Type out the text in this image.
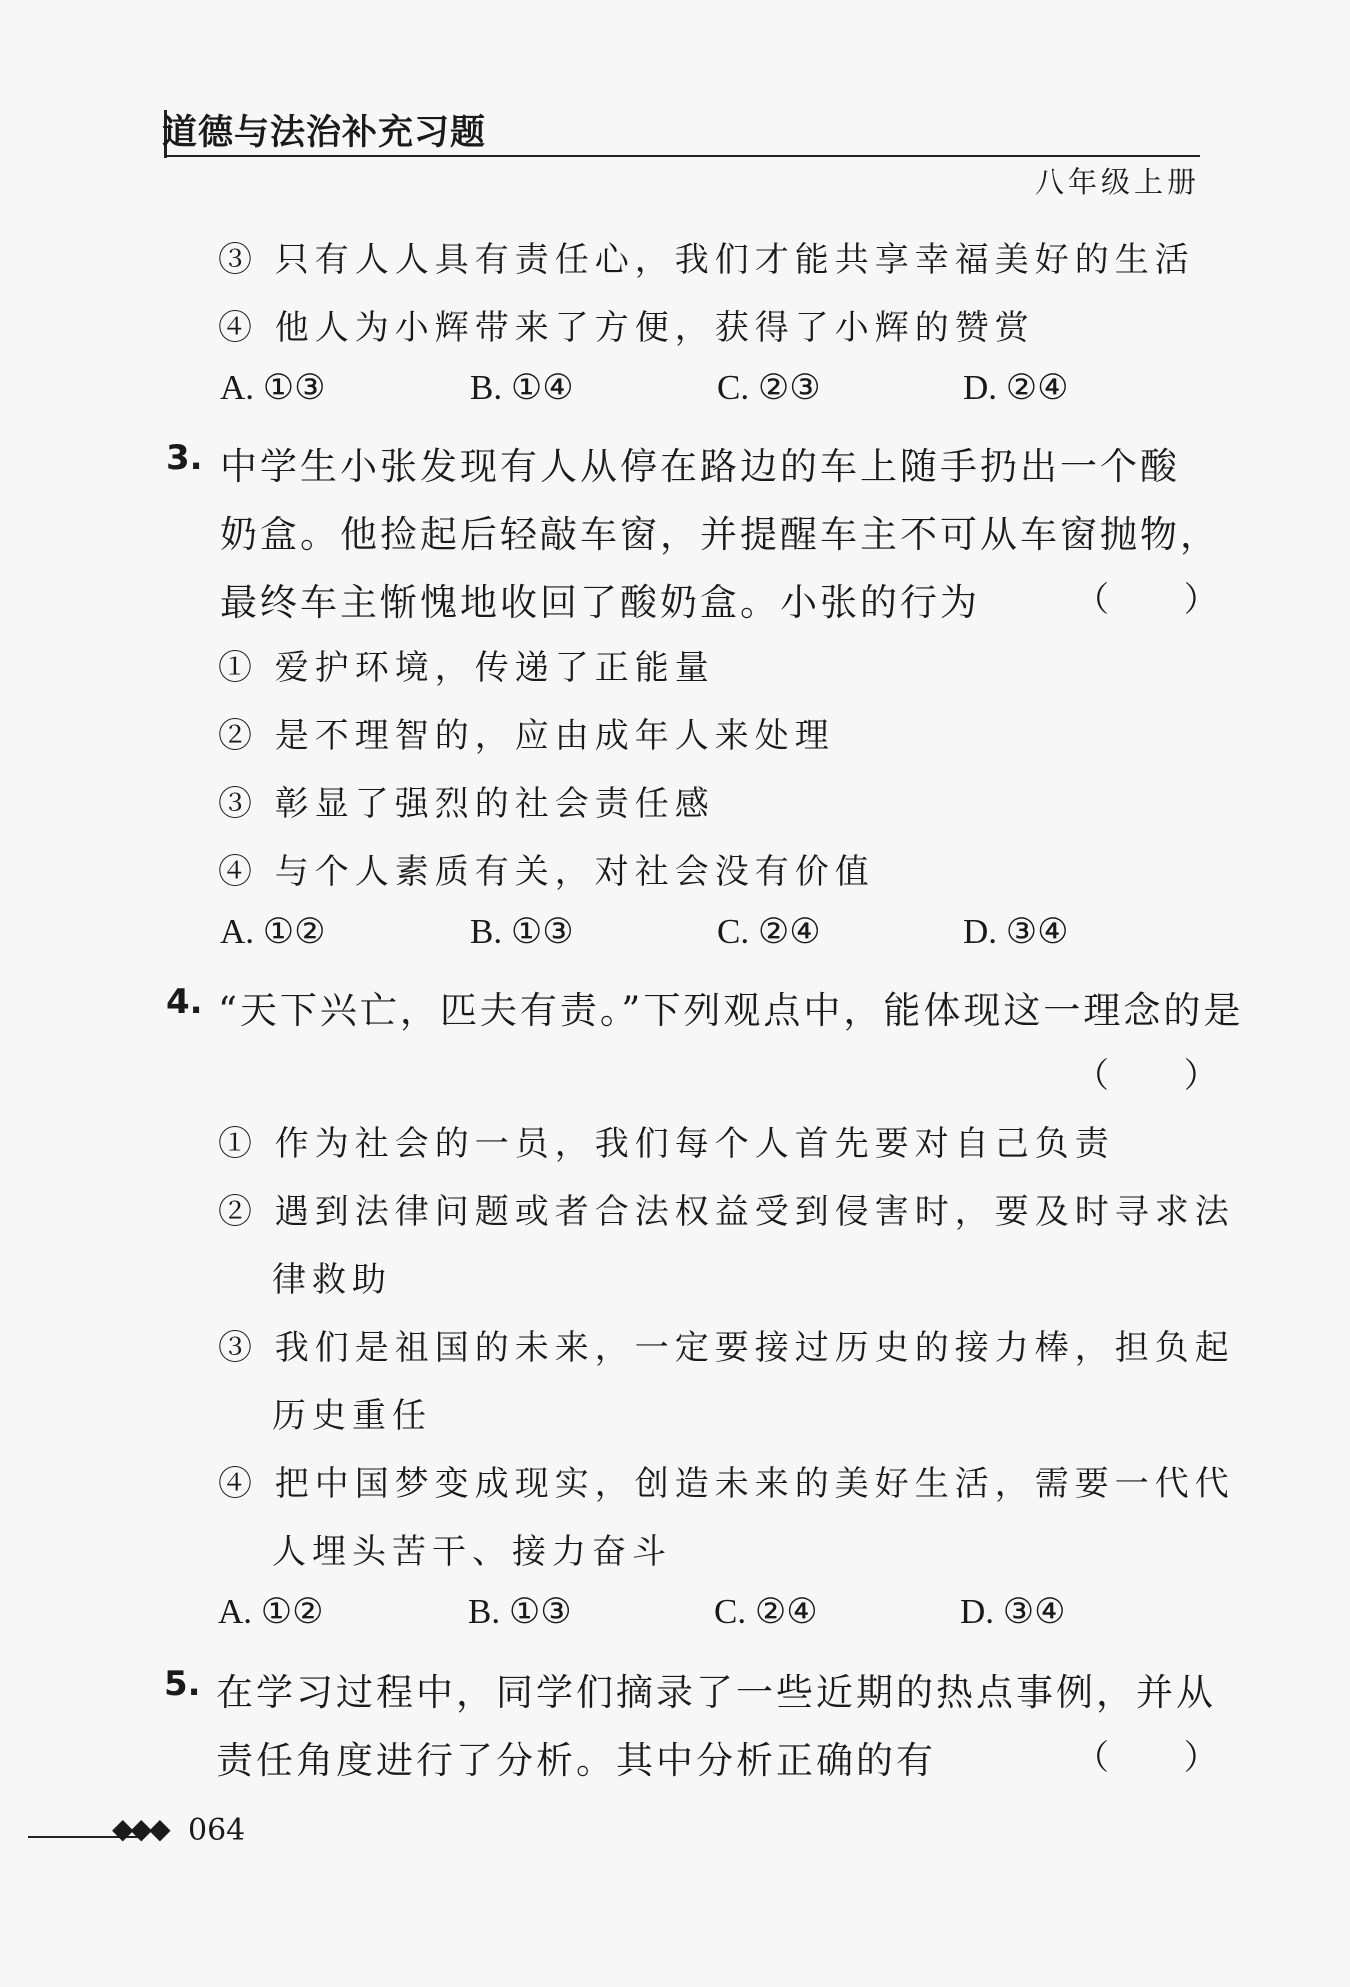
道德与法治补充习题
八年级上册
③ 只有人人具有责任心，我们才能共享幸福美好的生活
④ 他人为小辉带来了方便，获得了小辉的赞赏
A. ①③	B. ①④	C. ②③	D. ②④
3. 中学生小张发现有人从停在路边的车上随手扔出一个酸
奶盒。他捡起后轻敲车窗，并提醒车主不可从车窗抛物，
最终车主惭愧地收回了酸奶盒。小张的行为	（ ）
① 爱护环境，传递了正能量
② 是不理智的，应由成年人来处理
③ 彰显了强烈的社会责任感
④ 与个人素质有关，对社会没有价值
A. ①②	B. ①③	C. ②④	D. ③④
4. “天下兴亡，匹夫有责。”下列观点中，能体现这一理念的是
（ ）
① 作为社会的一员，我们每个人首先要对自己负责
② 遇到法律问题或者合法权益受到侵害时，要及时寻求法
律救助
③ 我们是祖国的未来，一定要接过历史的接力棒，担负起
历史重任
④ 把中国梦变成现实，创造未来的美好生活，需要一代代
人埋头苦干、接力奋斗
A. ①②	B. ①③	C. ②④	D. ③④
5. 在学习过程中，同学们摘录了一些近期的热点事例，并从
责任角度进行了分析。其中分析正确的有	（ ）
◆◆◆ 064
